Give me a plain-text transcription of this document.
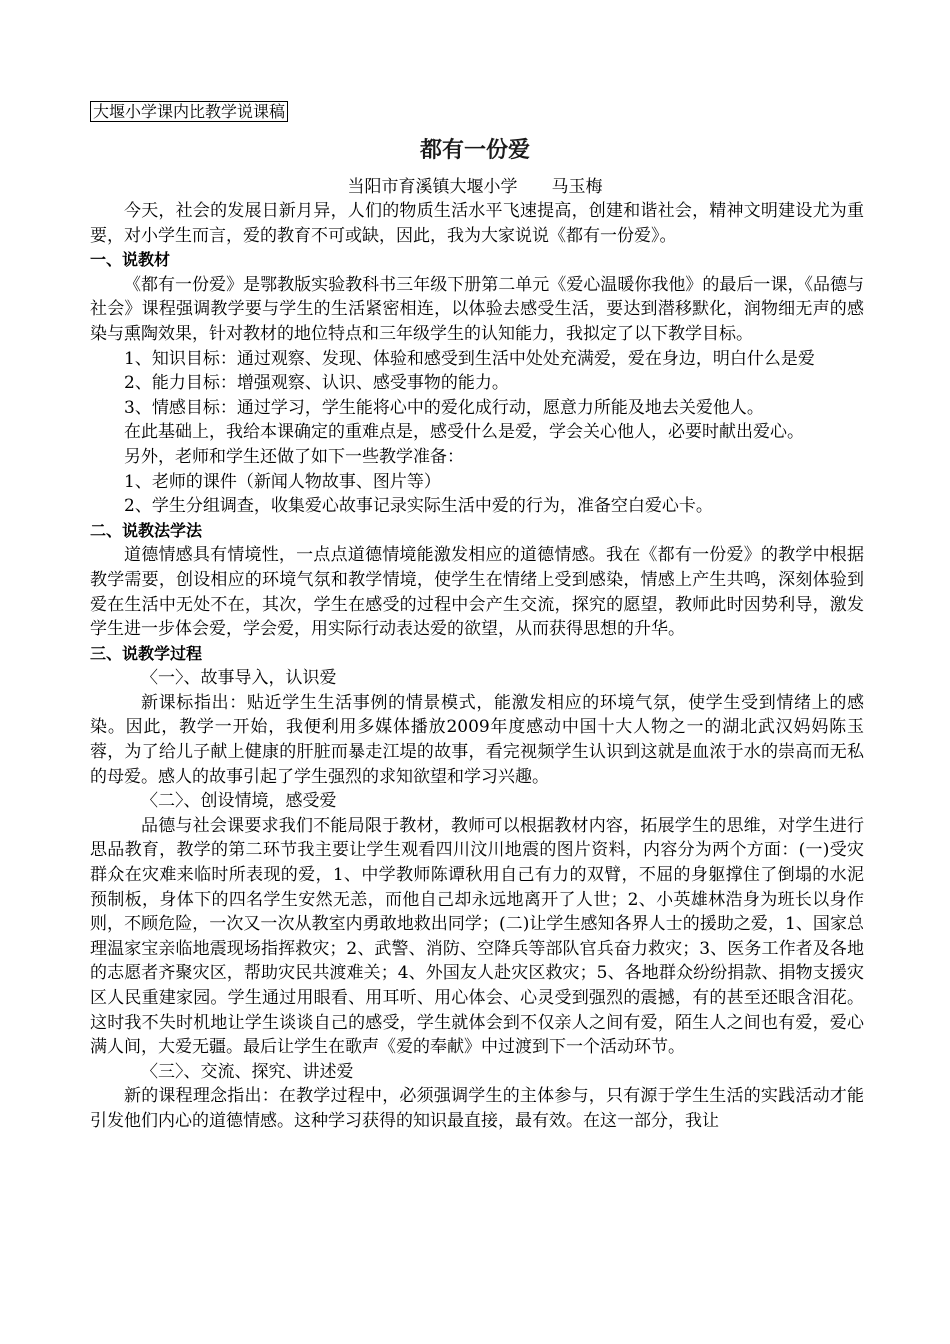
大堰小学课内比教学说课稿
都有一份爱
当阳市育溪镇大堰小学 马玉梅

今天，社会的发展日新月异，人们的物质生活水平飞速提高，创建和谐社会，精神文明建设尤为重要，对小学生而言，爱的教育不可或缺，因此，我为大家说说《都有一份爱》。

一、说教材

《都有一份爱》是鄂教版实验教科书三年级下册第二单元《爱心温暖你我他》的最后一课，《品德与社会》课程强调教学要与学生的生活紧密相连，以体验去感受生活，要达到潜移默化，润物细无声的感染与熏陶效果，针对教材的地位特点和三年级学生的认知能力，我拟定了以下教学目标。

1、知识目标：通过观察、发现、体验和感受到生活中处处充满爱，爱在身边，明白什么是爱

2、能力目标：增强观察、认识、感受事物的能力。

3、情感目标：通过学习，学生能将心中的爱化成行动，愿意力所能及地去关爱他人。

在此基础上，我给本课确定的重难点是，感受什么是爱，学会关心他人，必要时献出爱心。

另外，老师和学生还做了如下一些教学准备：

1、老师的课件（新闻人物故事、图片等）

2、学生分组调查，收集爱心故事记录实际生活中爱的行为，准备空白爱心卡。

二、说教法学法

道德情感具有情境性，一点点道德情境能激发相应的道德情感。我在《都有一份爱》的教学中根据教学需要，创设相应的环境气氛和教学情境，使学生在情绪上受到感染，情感上产生共鸣，深刻体验到爱在生活中无处不在，其次，学生在感受的过程中会产生交流，探究的愿望，教师此时因势利导，激发学生进一步体会爱，学会爱，用实际行动表达爱的欲望，从而获得思想的升华。

三、说教学过程

〈一〉、故事导入，认识爱

新课标指出：贴近学生生活事例的情景模式，能激发相应的环境气氛，使学生受到情绪上的感染。因此，教学一开始，我便利用多媒体播放2009年度感动中国十大人物之一的湖北武汉妈妈陈玉蓉，为了给儿子献上健康的肝脏而暴走江堤的故事，看完视频学生认识到这就是血浓于水的崇高而无私的母爱。感人的故事引起了学生强烈的求知欲望和学习兴趣。

〈二〉、创设情境，感受爱

品德与社会课要求我们不能局限于教材，教师可以根据教材内容，拓展学生的思维，对学生进行思品教育，教学的第二环节我主要让学生观看四川汶川地震的图片资料，内容分为两个方面：(一)受灾群众在灾难来临时所表现的爱，1、中学教师陈谭秋用自己有力的双臂，不屈的身躯撑住了倒塌的水泥预制板，身体下的四名学生安然无恙，而他自己却永远地离开了人世；2、小英雄林浩身为班长以身作则，不顾危险，一次又一次从教室内勇敢地救出同学；(二)让学生感知各界人士的援助之爱，1、国家总理温家宝亲临地震现场指挥救灾；2、武警、消防、空降兵等部队官兵奋力救灾；3、医务工作者及各地的志愿者齐聚灾区，帮助灾民共渡难关；4、外国友人赴灾区救灾；5、各地群众纷纷捐款、捐物支援灾区人民重建家园。学生通过用眼看、用耳听、用心体会、心灵受到强烈的震撼，有的甚至还眼含泪花。这时我不失时机地让学生谈谈自己的感受，学生就体会到不仅亲人之间有爱，陌生人之间也有爱，爱心满人间，大爱无疆。最后让学生在歌声《爱的奉献》中过渡到下一个活动环节。

〈三〉、交流、探究、讲述爱

新的课程理念指出：在教学过程中，必须强调学生的主体参与，只有源于学生生活的实践活动才能引发他们内心的道德情感。这种学习获得的知识最直接，最有效。在这一部分，我让
